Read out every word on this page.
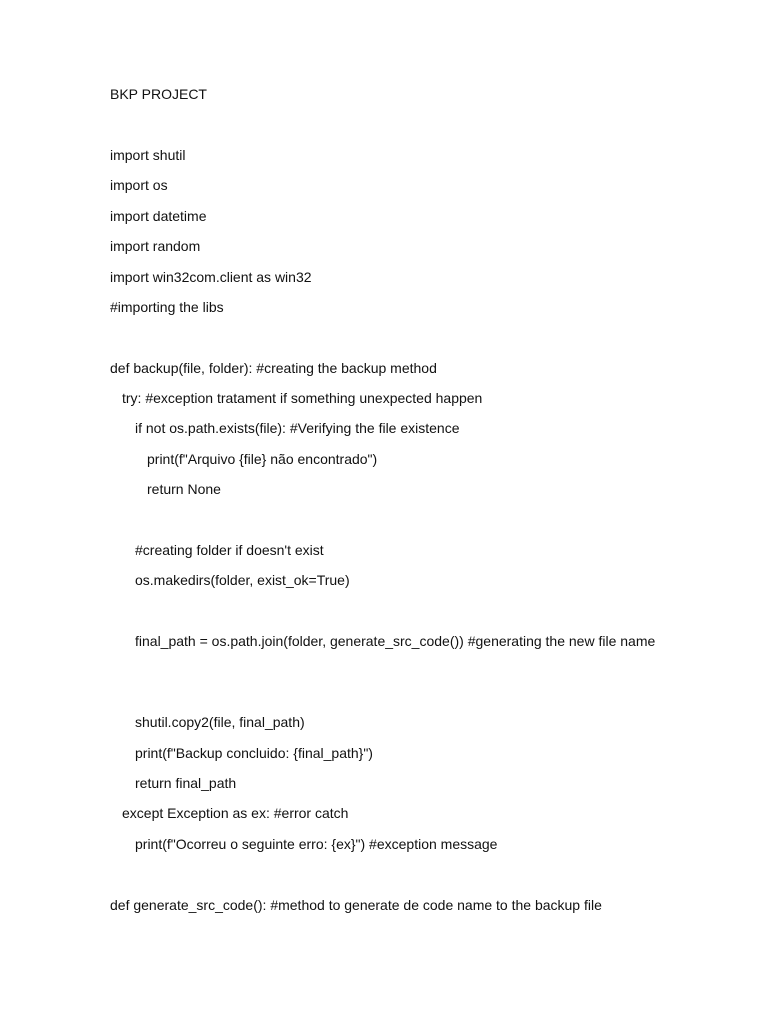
BKP PROJECT
import shutil
import os
import datetime
import random
import win32com.client as win32
#importing the libs
def backup(file, folder): #creating the backup method
try: #exception tratament if something unexpected happen
if not os.path.exists(file): #Verifying the file existence
print(f"Arquivo {file} não encontrado")
return None
#creating folder if doesn't exist
os.makedirs(folder, exist_ok=True)
final_path = os.path.join(folder, generate_src_code()) #generating the new file name
shutil.copy2(file, final_path)
print(f"Backup concluido: {final_path}")
return final_path
except Exception as ex: #error catch
print(f"Ocorreu o seguinte erro: {ex}") #exception message
def generate_src_code(): #method to generate de code name to the backup file
